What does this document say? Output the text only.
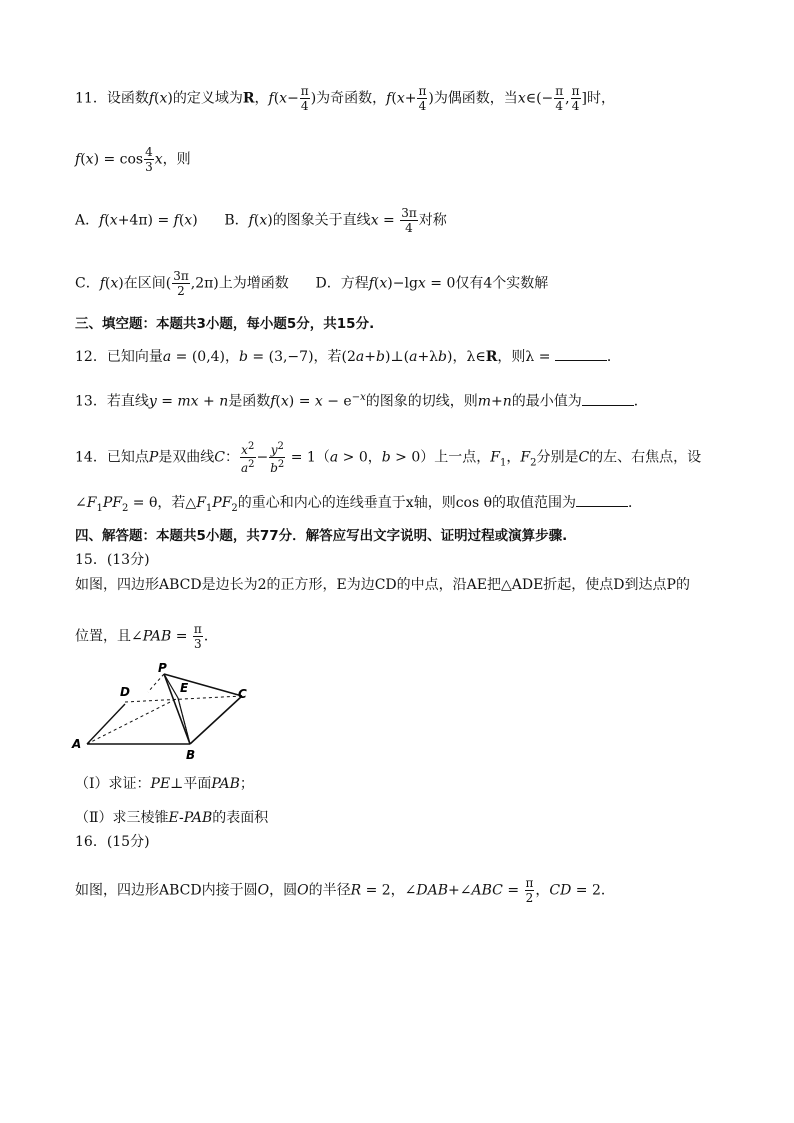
11．设函数f(x)的定义域为R，$f(x- \frac{\pi}{4}$ )为奇函数，$f(x+ \frac{\pi}{4}$ )为偶函数，当x∈(− $\frac{\pi}{4}$ , $\frac{\pi}{4}$ ]时，
$f(x) = \cos \frac{4}{3}$ x，则
A．f(x+4π) = f(x)      B．f(x)的图象关于直线$x = \frac{3\pi}{4}$ 对称
C．f(x)在区间( $\frac{3\pi}{2} ,2\pi$)上为增函数 D．方程f(x)−lgx = 0仅有4个实数解
三、填空题：本题共3小题，每小题5分，共15分.
12．已知向量a = (0,4)，b = (3,−7)，若(2a+b)⊥(a+λb)，λ∈R，则λ =	．
13．若直线y = mx + n是函数$f(x) = x - e^{-x}$的图象的切线，则m+n的最小值为	．
14．已知点P是双曲线C： $\frac{x^2}{a^2} - \frac{y^2}{b^2} = 1(a > 0$，b > 0）上一点，$F_1$，$F_2$分别是C的左、右焦点，设
$\angle F_1PF_2 = \theta$，若$\triangle F_1PF_2$的重心和内心的连线垂直于x轴，则cos θ的取值范围为	．
四、解答题：本题共5小题，共77分．解答应写出文字说明、证明过程或演算步骤.
15．(13分)
如图，四边形ABCD是边长为2的正方形，E为边CD的中点，沿AE把△ADE折起，使点D到达点P的
位置，且∠PAB = $\frac{\pi}{3}$ ．
P
D	E	C
A
B
（Ⅰ）求证：PE⊥平面PAB；
（Ⅱ）求三棱锥E-PAB的表面积
16．(15分)
如图，四边形ABCD内接于圆O，圆O的半径R = 2，∠DAB+∠ABC = $\frac{\pi}{2}$ ，CD = 2．
